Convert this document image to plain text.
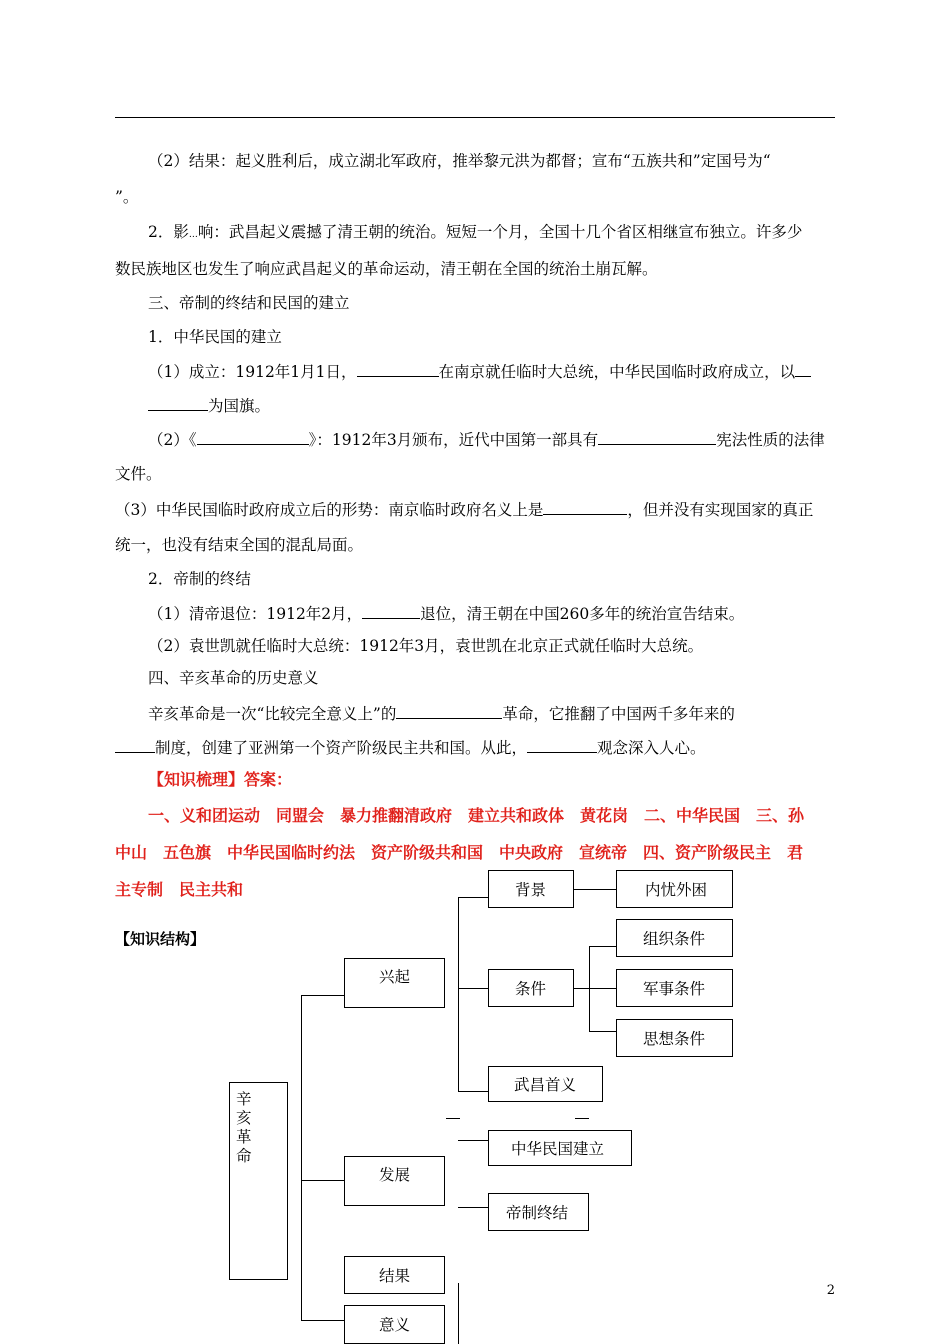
（2）结果：起义胜利后，成立湖北军政府，推举黎元洪为都督；宣布“五族共和”定国号为“
”。
2．影…响：武昌起义震撼了清王朝的统治。短短一个月，全国十几个省区相继宣布独立。许多少
数民族地区也发生了响应武昌起义的革命运动，清王朝在全国的统治土崩瓦解。
三、帝制的终结和民国的建立
1．中华民国的建立
（1）成立：1912年1月1日，	在南京就任临时大总统，中华民国临时政府成立，以
为国旗。
（2）《	》：1912年3月颁布，近代中国第一部具有	宪法性质的法律
文件。
（3）中华民国临时政府成立后的形势：南京临时政府名义上是	，但并没有实现国家的真正
统一，也没有结束全国的混乱局面。
2．帝制的终结
（1）清帝退位：1912年2月，	退位，清王朝在中国260多年的统治宣告结束。
（2）袁世凯就任临时大总统：1912年3月，袁世凯在北京正式就任临时大总统。
四、辛亥革命的历史意义
辛亥革命是一次“比较完全意义上”的	革命，它推翻了中国两千多年来的
制度，创建了亚洲第一个资产阶级民主共和国。从此，	观念深入人心。
【知识梳理】答案：
一、义和团运动　同盟会　暴力推翻清政府　建立共和政体　黄花岗　二、中华民国　三、孙
中山　五色旗　中华民国临时约法　资产阶级共和国　中央政府　宣统帝　四、资产阶级民主　君
主专制　民主共和
【知识结构】
辛亥革命
兴起
背景	内忧外困
条件
组织条件
军事条件
思想条件
武昌首义
发展
中华民国建立
帝制终结
结果
意义
2
